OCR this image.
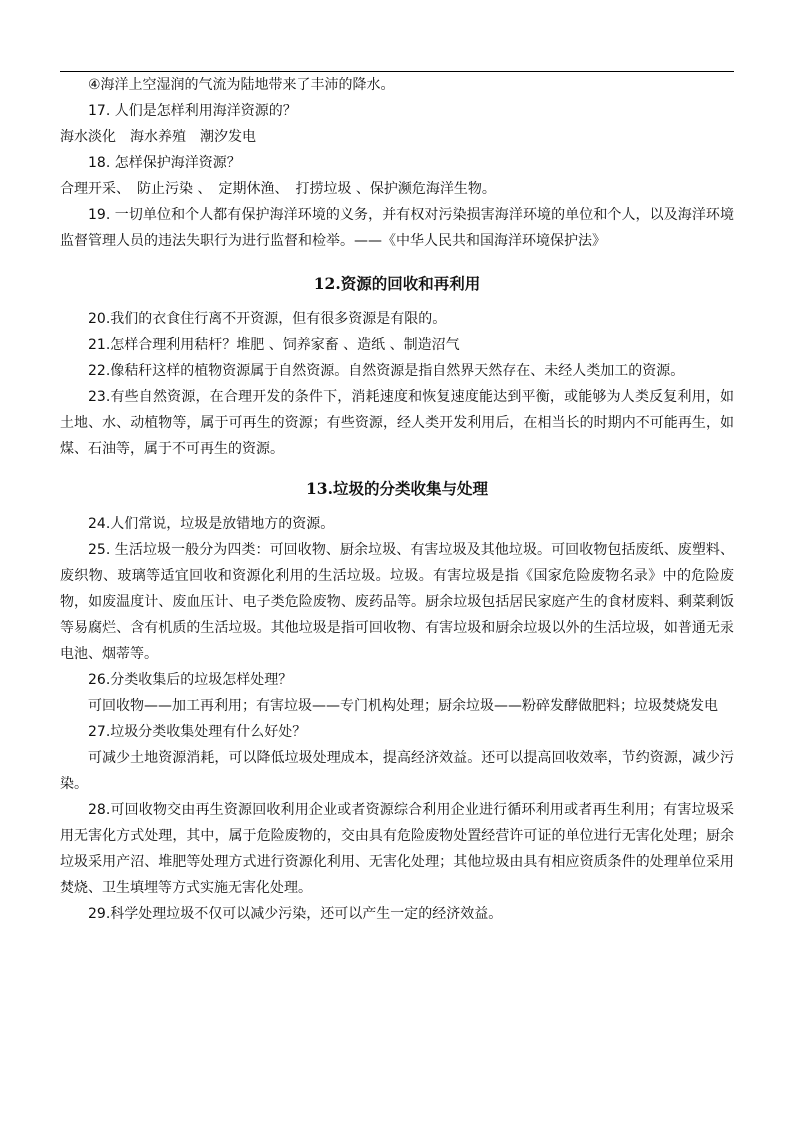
④海洋上空湿润的气流为陆地带来了丰沛的降水。

17. 人们是怎样利用海洋资源的？

海水淡化　海水养殖　潮汐发电

18. 怎样保护海洋资源？

合理开采、　防止污染 、　定期休渔、　打捞垃圾 、保护濒危海洋生物。

19. 一切单位和个人都有保护海洋环境的义务，并有权对污染损害海洋环境的单位和个人，以及海洋环境监督管理人员的违法失职行为进行监督和检举。——《中华人民共和国海洋环境保护法》

12.资源的回收和再利用

20.我们的衣食住行离不开资源，但有很多资源是有限的。

21.怎样合理利用秸杆？堆肥 、饲养家畜 、造纸 、制造沼气

22.像秸秆这样的植物资源属于自然资源。自然资源是指自然界天然存在、未经人类加工的资源。

23.有些自然资源，在合理开发的条件下，消耗速度和恢复速度能达到平衡，或能够为人类反复利用，如土地、水、动植物等，属于可再生的资源；有些资源，经人类开发利用后，在相当长的时期内不可能再生，如煤、石油等，属于不可再生的资源。

13.垃圾的分类收集与处理

24.人们常说，垃圾是放错地方的资源。

25. 生活垃圾一般分为四类：可回收物、厨余垃圾、有害垃圾及其他垃圾。可回收物包括废纸、废塑料、废织物、玻璃等适宜回收和资源化利用的生活垃圾。垃圾。有害垃圾是指《国家危险废物名录》中的危险废物，如废温度计、废血压计、电子类危险废物、废药品等。厨余垃圾包括居民家庭产生的食材废料、剩菜剩饭等易腐烂、含有机质的生活垃圾。其他垃圾是指可回收物、有害垃圾和厨余垃圾以外的生活垃圾，如普通无汞电池、烟蒂等。

26.分类收集后的垃圾怎样处理？

可回收物——加工再利用；有害垃圾——专门机构处理；厨余垃圾——粉碎发酵做肥料；垃圾焚烧发电

27.垃圾分类收集处理有什么好处？

可减少土地资源消耗，可以降低垃圾处理成本，提高经济效益。还可以提高回收效率，节约资源，减少污染。

28.可回收物交由再生资源回收利用企业或者资源综合利用企业进行循环利用或者再生利用；有害垃圾采用无害化方式处理，其中，属于危险废物的，交由具有危险废物处置经营许可证的单位进行无害化处理；厨余垃圾采用产沼、堆肥等处理方式进行资源化利用、无害化处理；其他垃圾由具有相应资质条件的处理单位采用焚烧、卫生填埋等方式实施无害化处理。

29.科学处理垃圾不仅可以减少污染，还可以产生一定的经济效益。
